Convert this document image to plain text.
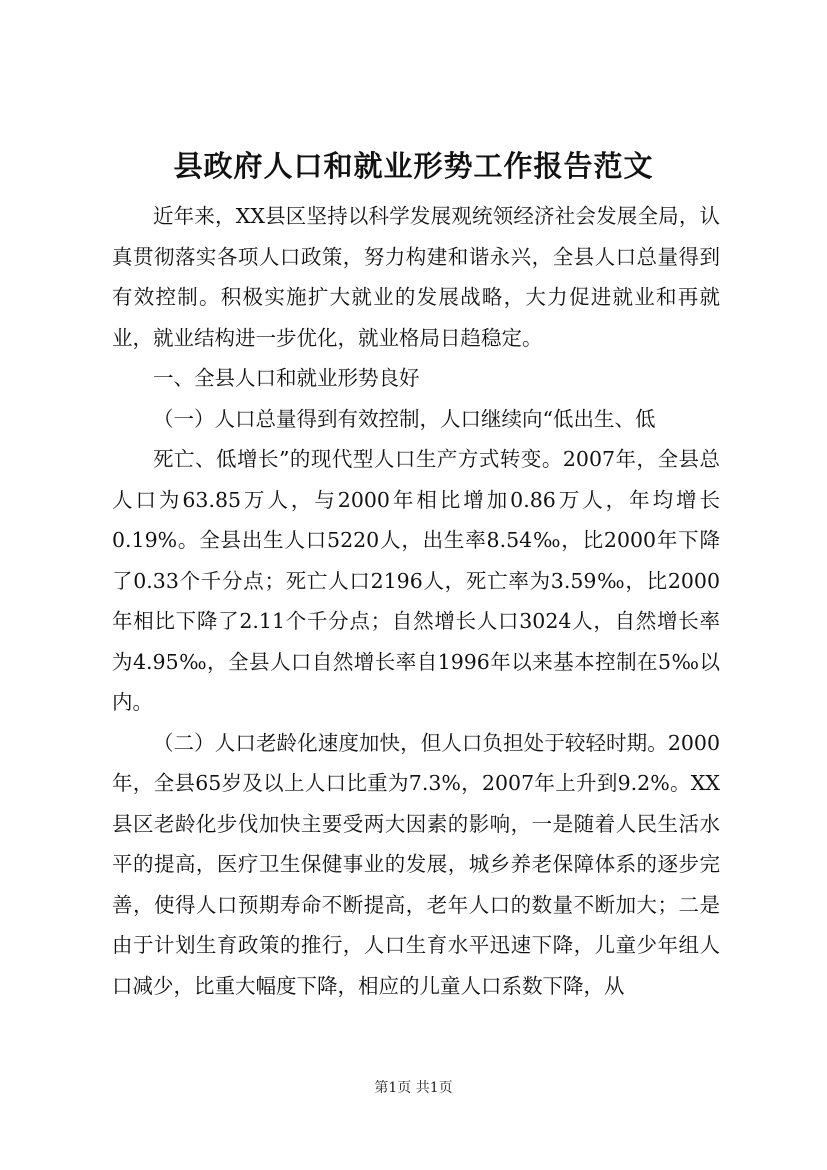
县政府人口和就业形势工作报告范文

近年来，XX县区坚持以科学发展观统领经济社会发展全局，认真贯彻落实各项人口政策，努力构建和谐永兴，全县人口总量得到有效控制。积极实施扩大就业的发展战略，大力促进就业和再就业，就业结构进一步优化，就业格局日趋稳定。

一、全县人口和就业形势良好

（一）人口总量得到有效控制，人口继续向“低出生、低

死亡、低增长”的现代型人口生产方式转变。2007年，全县总人口为63.85万人，与2000年相比增加0.86万人，年均增长0.19%。全县出生人口5220人，出生率8.54‰，比2000年下降了0.33个千分点；死亡人口2196人，死亡率为3.59‰，比2000年相比下降了2.11个千分点；自然增长人口3024人，自然增长率为4.95‰，全县人口自然增长率自1996年以来基本控制在5‰以内。

（二）人口老龄化速度加快，但人口负担处于较轻时期。2000年，全县65岁及以上人口比重为7.3%，2007年上升到9.2%。XX县区老龄化步伐加快主要受两大因素的影响，一是随着人民生活水平的提高，医疗卫生保健事业的发展，城乡养老保障体系的逐步完善，使得人口预期寿命不断提高，老年人口的数量不断加大；二是由于计划生育政策的推行，人口生育水平迅速下降，儿童少年组人口减少，比重大幅度下降，相应的儿童人口系数下降，从

第1页 共1页
